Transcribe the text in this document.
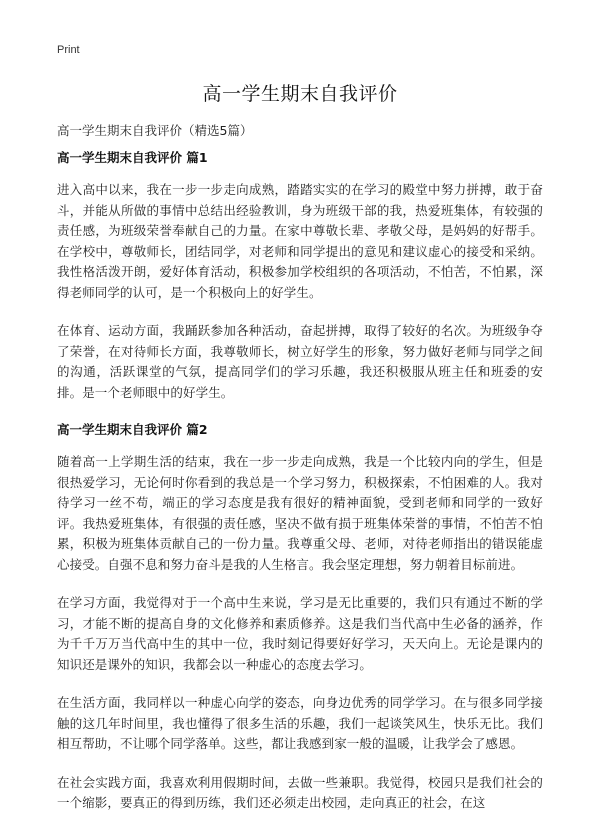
Print
高一学生期末自我评价

高一学生期末自我评价（精选5篇）

高一学生期末自我评价 篇1

进入高中以来，我在一步一步走向成熟，踏踏实实的在学习的殿堂中努力拼搏，敢于奋斗，并能从所做的事情中总结出经验教训，身为班级干部的我，热爱班集体，有较强的责任感，为班级荣誉奉献自己的力量。在家中尊敬长辈、孝敬父母，是妈妈的好帮手。在学校中，尊敬师长，团结同学，对老师和同学提出的意见和建议虚心的接受和采纳。我性格活泼开朗，爱好体育活动，积极参加学校组织的各项活动，不怕苦，不怕累，深得老师同学的认可，是一个积极向上的好学生。

在体育、运动方面，我踊跃参加各种活动，奋起拼搏，取得了较好的名次。为班级争夺了荣誉，在对待师长方面，我尊敬师长，树立好学生的形象，努力做好老师与同学之间的沟通，活跃课堂的气氛，提高同学们的学习乐趣，我还积极服从班主任和班委的安排。是一个老师眼中的好学生。

高一学生期末自我评价 篇2

随着高一上学期生活的结束，我在一步一步走向成熟，我是一个比较内向的学生，但是很热爱学习，无论何时你看到的我总是一个学习努力，积极探索，不怕困难的人。我对待学习一丝不苟，端正的学习态度是我有很好的精神面貌，受到老师和同学的一致好评。我热爱班集体，有很强的责任感，坚决不做有损于班集体荣誉的事情，不怕苦不怕累，积极为班集体贡献自己的一份力量。我尊重父母、老师，对待老师指出的错误能虚心接受。自强不息和努力奋斗是我的人生格言。我会坚定理想，努力朝着目标前进。

在学习方面，我觉得对于一个高中生来说，学习是无比重要的，我们只有通过不断的学习，才能不断的提高自身的文化修养和素质修养。这是我们当代高中生必备的涵养，作为千千万万当代高中生的其中一位，我时刻记得要好好学习，天天向上。无论是课内的知识还是课外的知识，我都会以一种虚心的态度去学习。

在生活方面，我同样以一种虚心向学的姿态，向身边优秀的同学学习。在与很多同学接触的这几年时间里，我也懂得了很多生活的乐趣，我们一起谈笑风生，快乐无比。我们相互帮助，不让哪个同学落单。这些，都让我感到家一般的温暖，让我学会了感恩。

在社会实践方面，我喜欢利用假期时间，去做一些兼职。我觉得，校园只是我们社会的一个缩影，要真正的得到历练，我们还必须走出校园，走向真正的社会，在这
